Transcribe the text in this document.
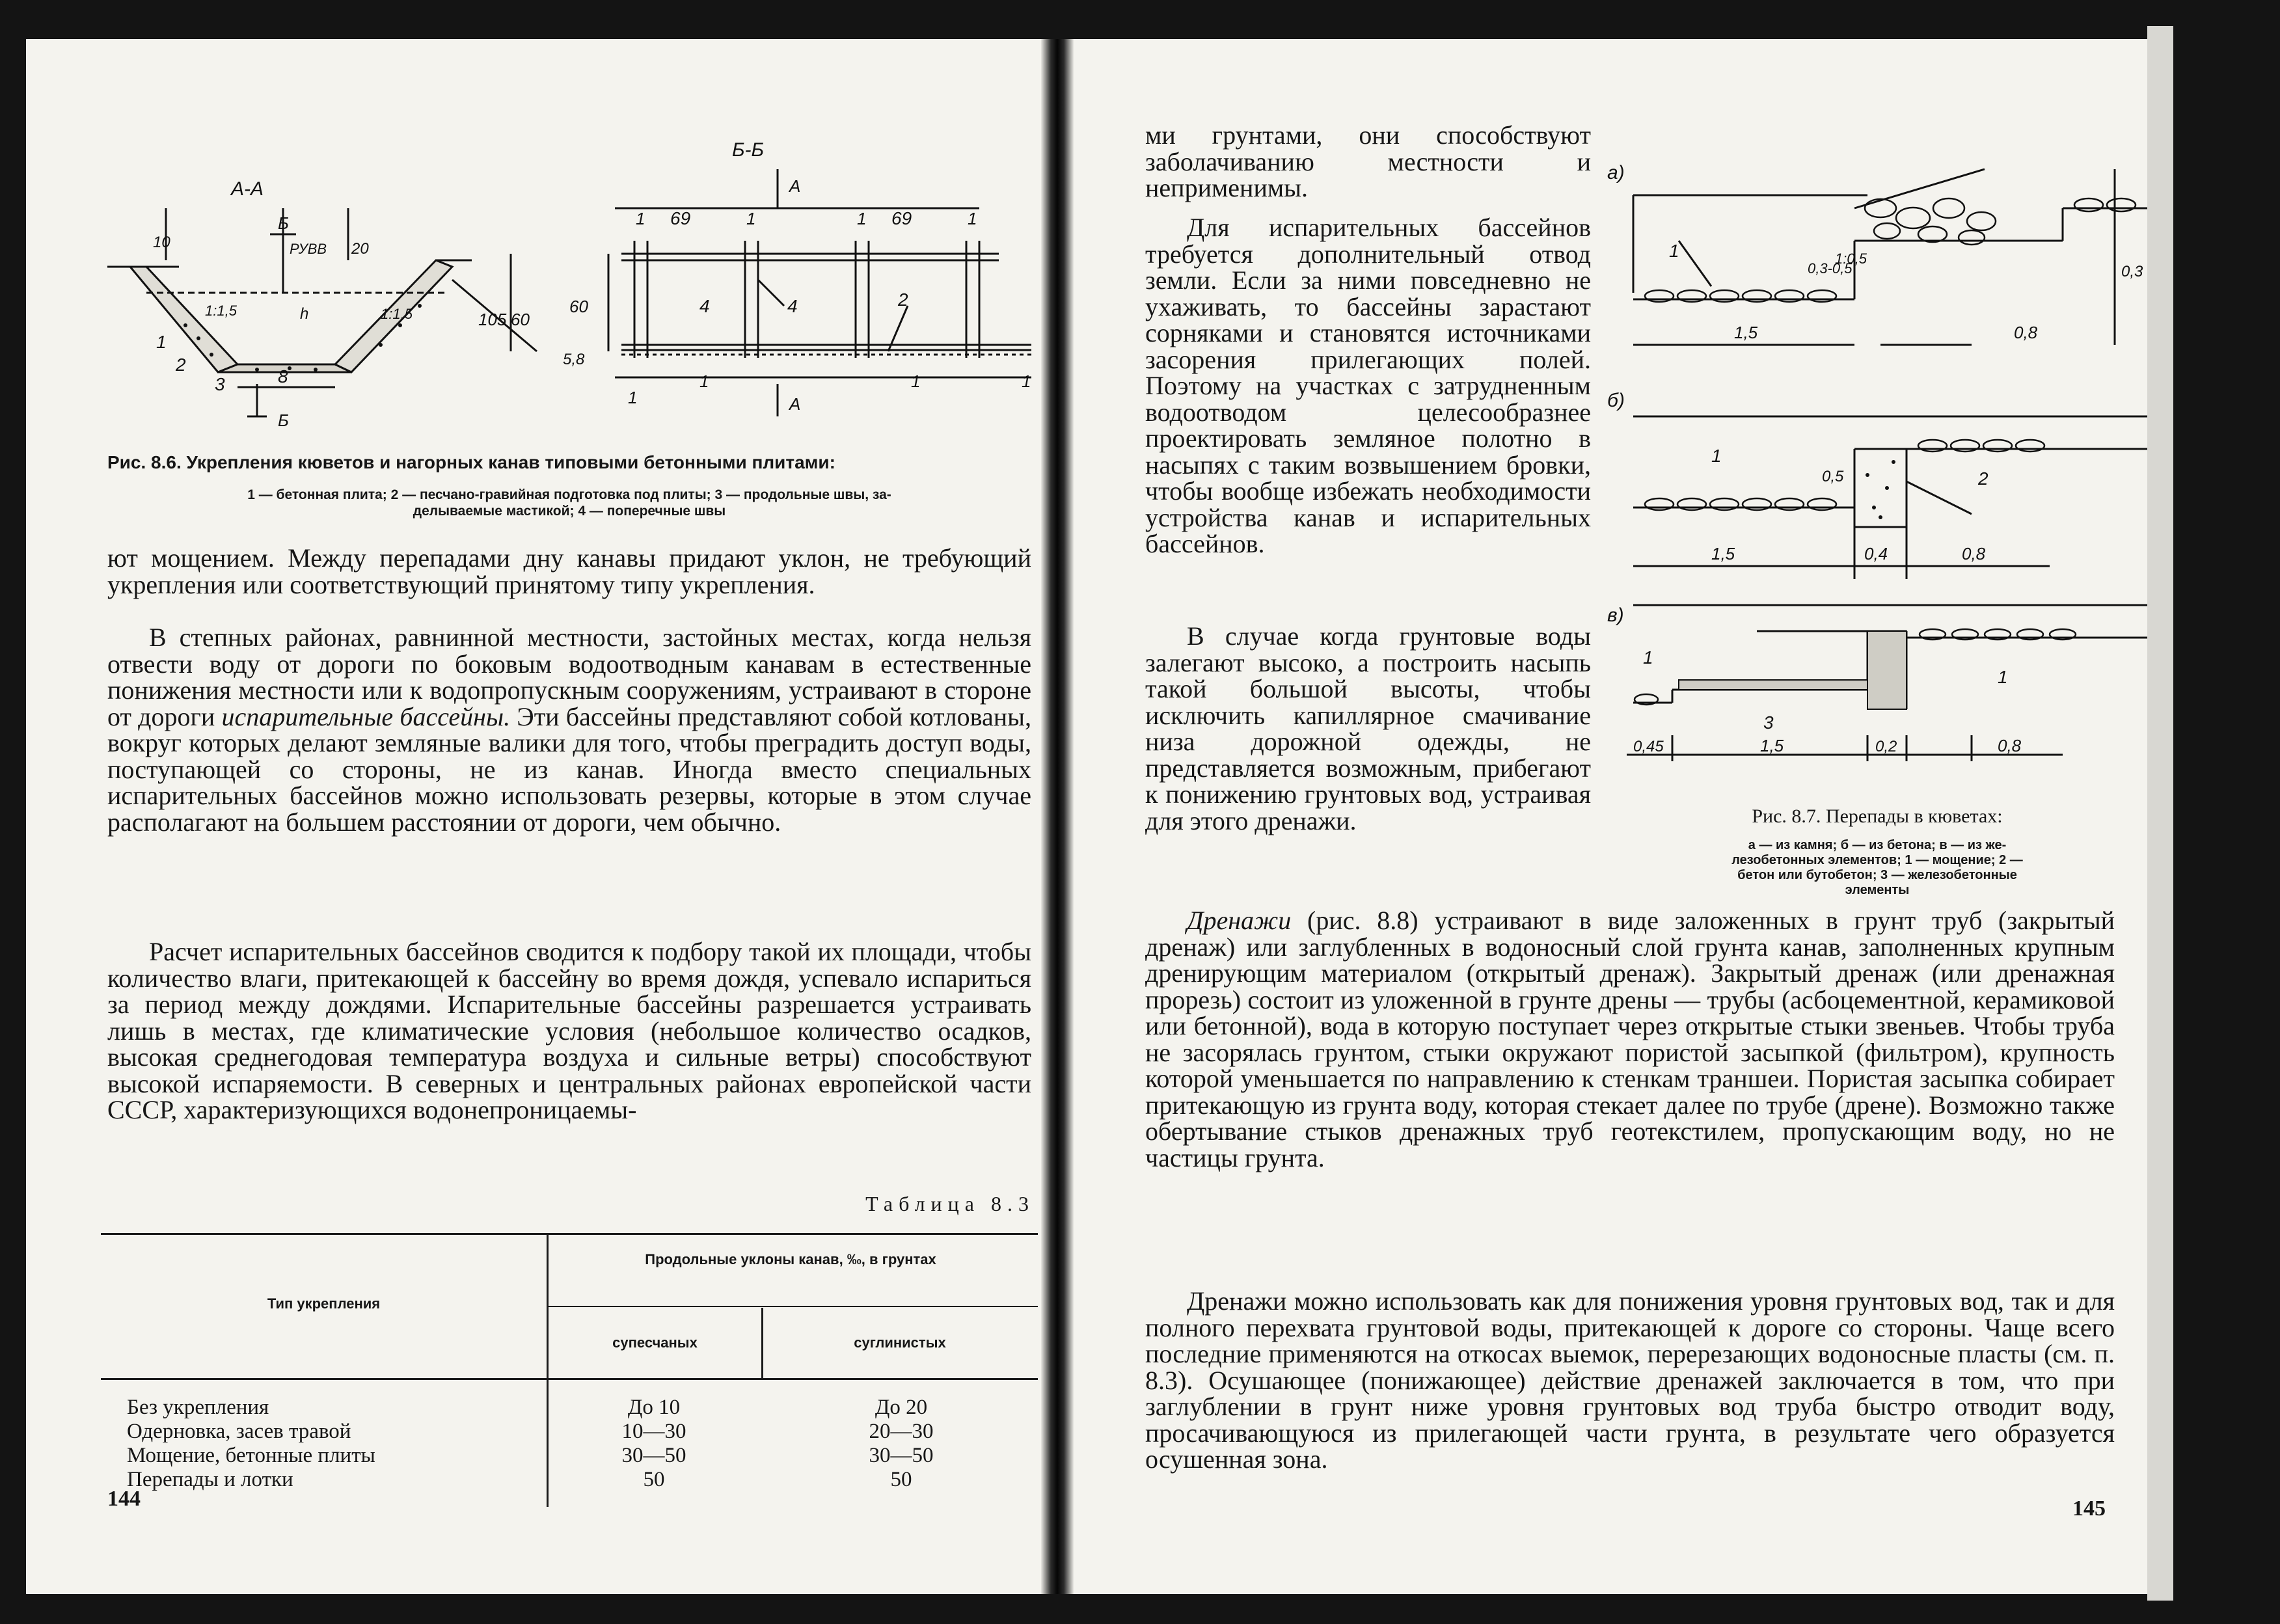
А-А
Б
Б
РУВВ
10	20
60
105
1:1,5	1:1,5
h
8
1
2
3
Б-Б
А
А
69	69
1	1	1	1
60
5,8
4	4	2
1
1	1	1
Рис. 8.6. Укрепления кюветов и нагорных канав типовыми бетонными плитами:
1 — бетонная плита; 2 — песчано-гравийная подготовка под плиты; 3 — продольные швы, за-
делываемые мастикой; 4 — поперечные швы

ют мощением. Между перепадами дну канавы придают уклон, не требующий укрепления или соответствующий принятому типу укрепления.

В степных районах, равнинной местности, застойных местах, когда нельзя отвести воду от дороги по боковым водоотводным канавам в естественные понижения местности или к водопропускным сооружениям, устраивают в стороне от дороги испарительные бассейны. Эти бассейны представляют собой котлованы, вокруг которых делают земляные валики для того, чтобы преградить доступ воды, поступающей со стороны, не из канав. Иногда вместо специальных испарительных бассейнов можно использовать резервы, которые в этом случае располагают на большем расстоянии от дороги, чем обычно.

Расчет испарительных бассейнов сводится к подбору такой их площади, чтобы количество влаги, притекающей к бассейну во время дождя, успевало испариться за период между дождями. Испарительные бассейны разрешается устраивать лишь в местах, где климатические условия (небольшое количество осадков, высокая среднегодовая температура воздуха и сильные ветры) способствуют высокой испаряемости. В северных и центральных районах европейской части СССР, характеризующихся водонепроницаемы-

Таблица 8.3
Тип укрепления
Продольные уклоны канав, ‰, в грунтах
супесчаных	суглинистых
Без укрепления	До 10	До 20
Одерновка, засев травой	10—30	20—30
Мощение, бетонные плиты	30—50	30—50
Перепады и лотки	50	50
144

ми грунтами, они способствуют заболачиванию местности и неприменимы.

Для испарительных бассейнов требуется дополнительный отвод земли. Если за ними повседневно не ухаживать, то бассейны зарастают сорняками и становятся источниками засорения прилегающих полей. Поэтому на участках с затрудненным водоотводом целесообразнее проектировать земляное полотно в насыпях с таким возвышением бровки, чтобы вообще избежать необходимости устройства канав и испарительных бассейнов.

В случае когда грунтовые воды залегают высоко, а построить насыпь такой большой высоты, чтобы исключить капиллярное смачивание низа дорожной одежды, не представляется возможным, прибегают к понижению грунтовых вод, устраивая для этого дренажи.

а)
б)
в)
1
1,5	0,8
0,3
0,3-0,5
1:0,5
1
2
0,5
1,5	0,4	0,8
1
1
3
0,45	1,5	0,2	0,8
Рис. 8.7. Перепады в кюветах:
а — из камня; б — из бетона; в — из же-
лезобетонных элементов; 1 — мощение; 2 —
бетон или бутобетон; 3 — железобетонные
элементы

Дренажи (рис. 8.8) устраивают в виде заложенных в грунт труб (закрытый дренаж) или заглубленных в водоносный слой грунта канав, заполненных крупным дренирующим материалом (открытый дренаж). Закрытый дренаж (или дренажная прорезь) состоит из уложенной в грунте дрены — трубы (асбоцементной, керамиковой или бетонной), вода в которую поступает через открытые стыки звеньев. Чтобы труба не засорялась грунтом, стыки окружают пористой засыпкой (фильтром), крупность которой уменьшается по направлению к стенкам траншеи. Пористая засыпка собирает притекающую из грунта воду, которая стекает далее по трубе (дрене). Возможно также обертывание стыков дренажных труб геотекстилем, пропускающим воду, но не частицы грунта.

Дренажи можно использовать как для понижения уровня грунтовых вод, так и для полного перехвата грунтовой воды, притекающей к дороге со стороны. Чаще всего последние применяются на откосах выемок, перерезающих водоносные пласты (см. п. 8.3). Осушающее (понижающее) действие дренажей заключается в том, что при заглублении в грунт ниже уровня грунтовых вод труба быстро отводит воду, просачивающуюся из прилегающей части грунта, в результате чего образуется осушенная зона.

145
